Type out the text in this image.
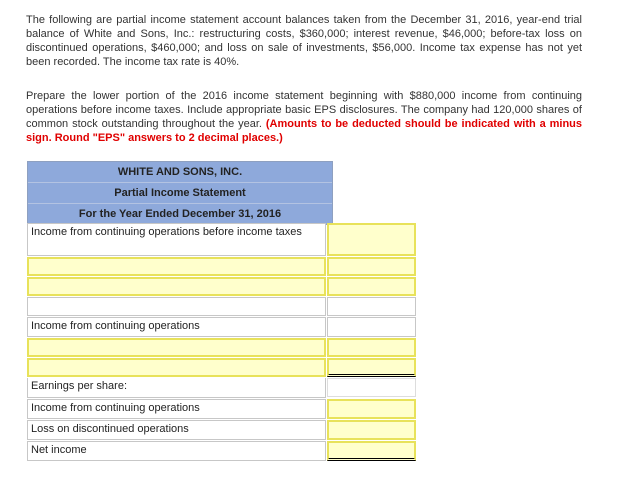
The following are partial income statement account balances taken from the December 31, 2016, year-end trial balance of White and Sons, Inc.: restructuring costs, $360,000; interest revenue, $46,000; before-tax loss on discontinued operations, $460,000; and loss on sale of investments, $56,000. Income tax expense has not yet been recorded. The income tax rate is 40%.

Prepare the lower portion of the 2016 income statement beginning with $880,000 income from continuing operations before income taxes. Include appropriate basic EPS disclosures. The company had 120,000 shares of common stock outstanding throughout the year. (Amounts to be deducted should be indicated with a minus sign. Round "EPS" answers to 2 decimal places.)

WHITE AND SONS, INC.
Partial Income Statement
For the Year Ended December 31, 2016
Income from continuing operations before income taxes
Income from continuing operations
Earnings per share:
Income from continuing operations
Loss on discontinued operations
Net income
